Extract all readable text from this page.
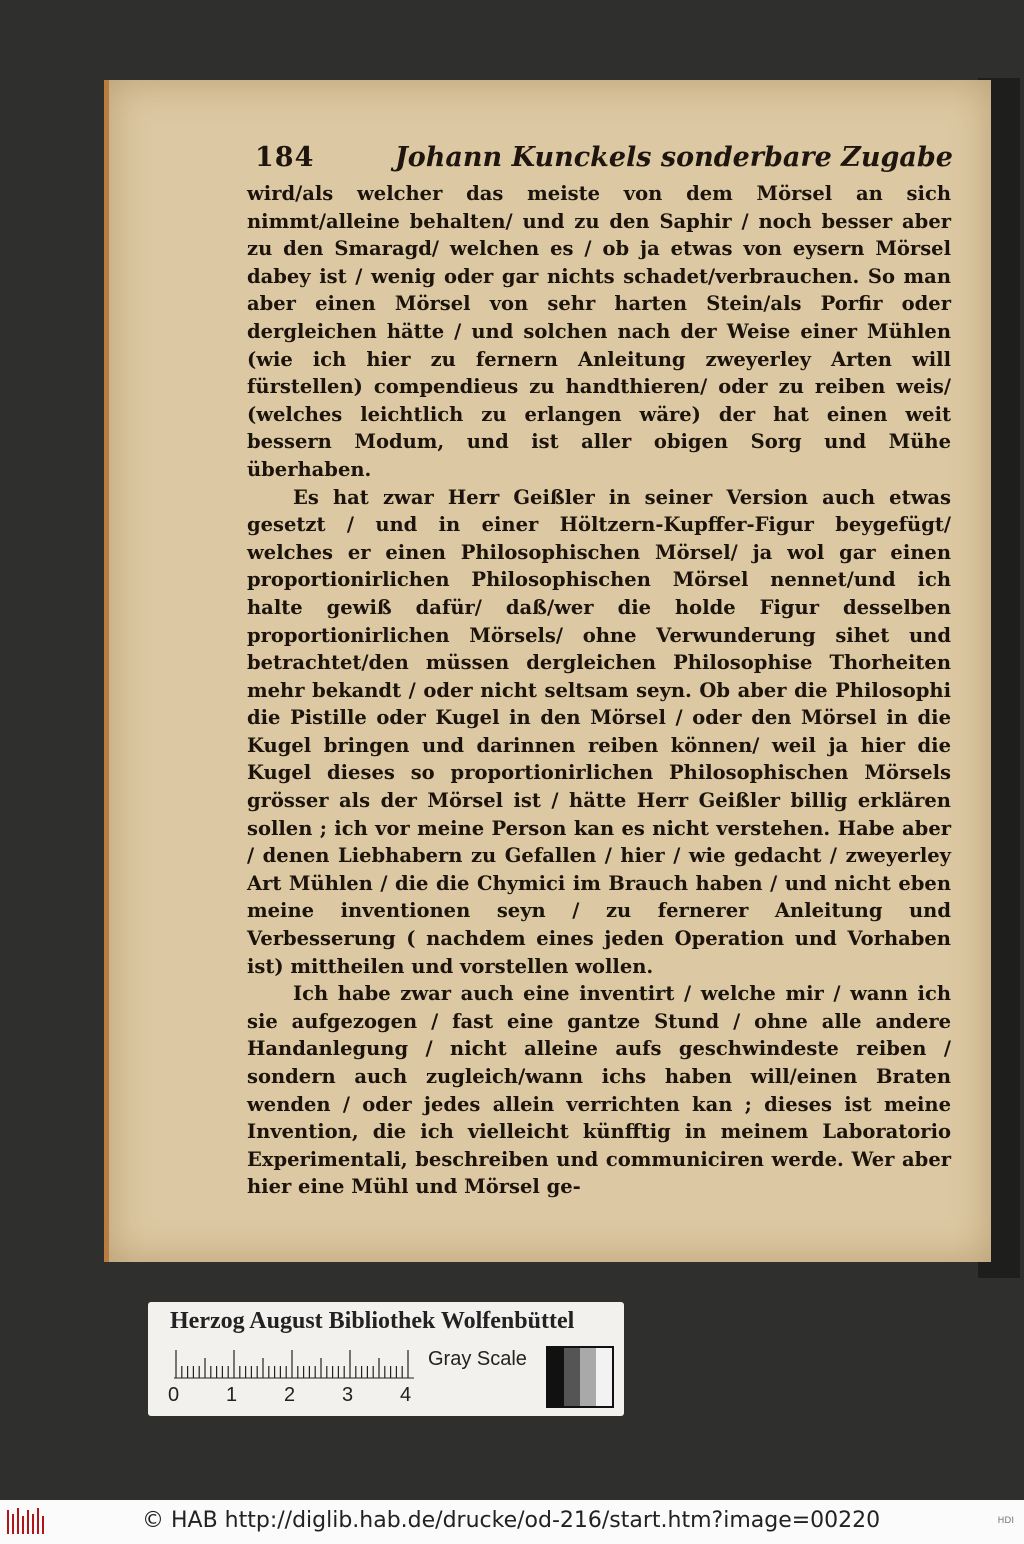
184	Johann Kunckels sonderbare Zugabe

wird/als welcher das meiste von dem Mörsel an sich nimmt/alleine behalten/ und zu den Saphir / noch besser aber zu den Smaragd/ welchen es / ob ja etwas von eysern Mörsel dabey ist / wenig oder gar nichts schadet/verbrauchen. So man aber einen Mörsel von sehr harten Stein/als Porfir oder dergleichen hätte / und solchen nach der Weise einer Mühlen (wie ich hier zu fernern Anleitung zweyerley Arten will fürstellen) compendieus zu handthieren/ oder zu reiben weis/ (welches leichtlich zu erlangen wäre) der hat einen weit bessern Modum, und ist aller obigen Sorg und Mühe überhaben.

Es hat zwar Herr Geißler in seiner Version auch etwas gesetzt / und in einer Höltzern-Kupffer-Figur beygefügt/ welches er einen Philosophischen Mörsel/ ja wol gar einen proportionirlichen Philosophischen Mörsel nennet/und ich halte gewiß dafür/ daß/wer die holde Figur desselben proportionirlichen Mörsels/ ohne Verwunderung sihet und betrachtet/den müssen dergleichen Philosophise Thorheiten mehr bekandt / oder nicht seltsam seyn. Ob aber die Philosophi die Pistille oder Kugel in den Mörsel / oder den Mörsel in die Kugel bringen und darinnen reiben können/ weil ja hier die Kugel dieses so proportionirlichen Philosophischen Mörsels grösser als der Mörsel ist / hätte Herr Geißler billig erklären sollen ; ich vor meine Person kan es nicht verstehen. Habe aber / denen Liebhabern zu Gefallen / hier / wie gedacht / zweyerley Art Mühlen / die die Chymici im Brauch haben / und nicht eben meine inventionen seyn / zu fernerer Anleitung und Verbesserung ( nachdem eines jeden Operation und Vorhaben ist) mittheilen und vorstellen wollen.

Ich habe zwar auch eine inventirt / welche mir / wann ich sie aufgezogen / fast eine gantze Stund / ohne alle andere Handanlegung / nicht alleine aufs geschwindeste reiben / sondern auch zugleich/wann ichs haben will/einen Braten wenden / oder jedes allein verrichten kan ; dieses ist meine Invention, die ich vielleicht künfftig in meinem Laboratorio Experimentali, beschreiben und communiciren werde. Wer aber hier eine Mühl und Mörsel ge-

Herzog August Bibliothek Wolfenbüttel
0 1 2 3 4
Gray Scale
© HAB http://diglib.hab.de/drucke/od-216/start.htm?image=00220	HDI
